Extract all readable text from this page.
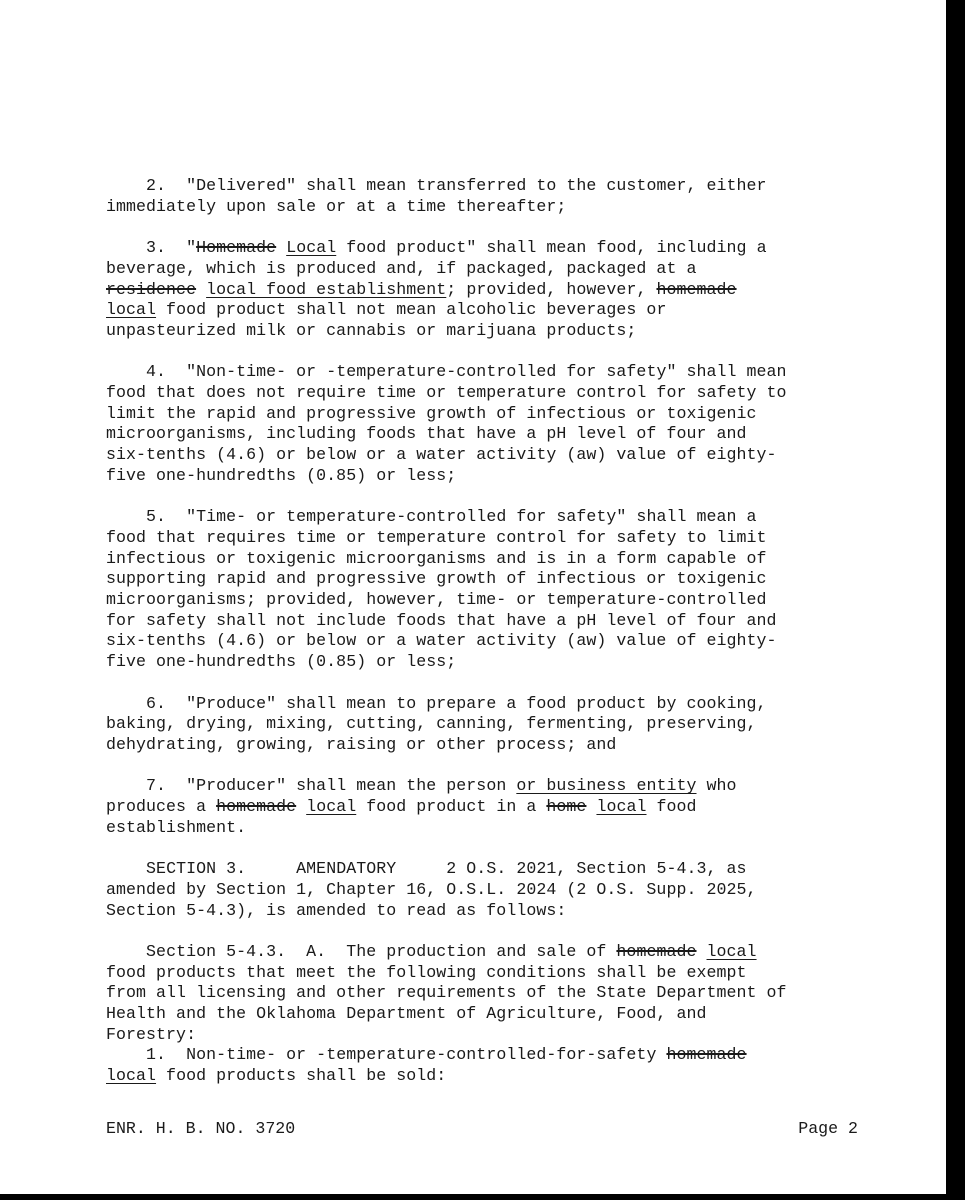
2.  "Delivered" shall mean transferred to the customer, either
immediately upon sale or at a time thereafter;
3.  "Homemade Local food product" shall mean food, including a
beverage, which is produced and, if packaged, packaged at a
residence local food establishment; provided, however, homemade
local food product shall not mean alcoholic beverages or
unpasteurized milk or cannabis or marijuana products;
4.  "Non-time- or -temperature-controlled for safety" shall mean
food that does not require time or temperature control for safety to
limit the rapid and progressive growth of infectious or toxigenic
microorganisms, including foods that have a pH level of four and
six-tenths (4.6) or below or a water activity (aw) value of eighty-
five one-hundredths (0.85) or less;
5.  "Time- or temperature-controlled for safety" shall mean a
food that requires time or temperature control for safety to limit
infectious or toxigenic microorganisms and is in a form capable of
supporting rapid and progressive growth of infectious or toxigenic
microorganisms; provided, however, time- or temperature-controlled
for safety shall not include foods that have a pH level of four and
six-tenths (4.6) or below or a water activity (aw) value of eighty-
five one-hundredths (0.85) or less;
6.  "Produce" shall mean to prepare a food product by cooking,
baking, drying, mixing, cutting, canning, fermenting, preserving,
dehydrating, growing, raising or other process; and
7.  "Producer" shall mean the person or business entity who
produces a homemade local food product in a home local food
establishment.
SECTION 3.     AMENDATORY     2 O.S. 2021, Section 5-4.3, as
amended by Section 1, Chapter 16, O.S.L. 2024 (2 O.S. Supp. 2025,
Section 5-4.3), is amended to read as follows:
Section 5-4.3.  A.  The production and sale of homemade local
food products that meet the following conditions shall be exempt
from all licensing and other requirements of the State Department of
Health and the Oklahoma Department of Agriculture, Food, and
Forestry:
1.  Non-time- or -temperature-controlled-for-safety homemade
local food products shall be sold:
ENR. H. B. NO. 3720	Page 2
